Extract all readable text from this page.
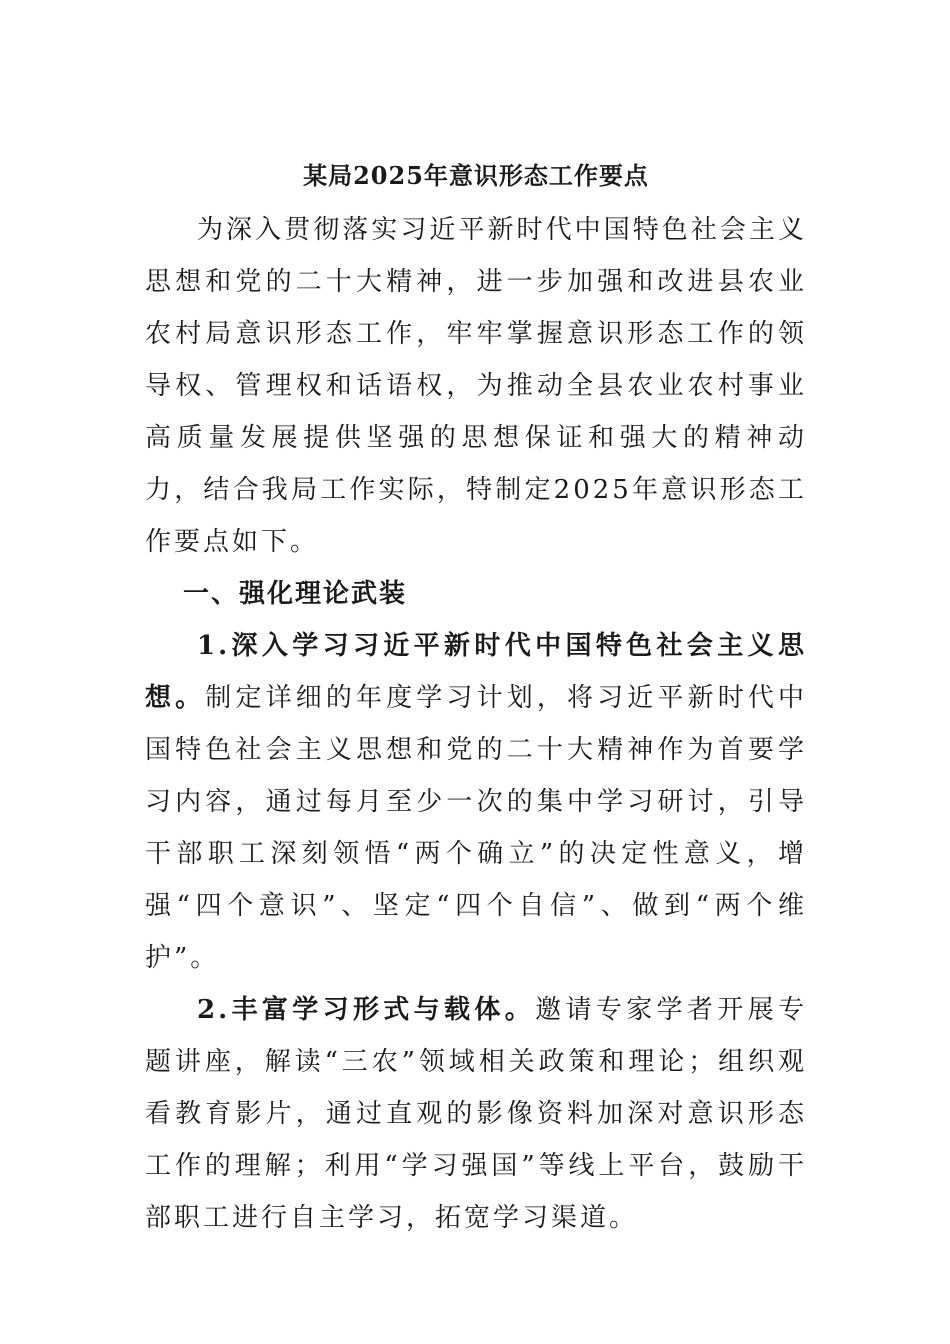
某局2025年意识形态工作要点

为深入贯彻落实习近平新时代中国特色社会主义思想和党的二十大精神，进一步加强和改进县农业农村局意识形态工作，牢牢掌握意识形态工作的领导权、管理权和话语权，为推动全县农业农村事业高质量发展提供坚强的思想保证和强大的精神动力，结合我局工作实际，特制定2025年意识形态工作要点如下。

一、强化理论武装

1.深入学习习近平新时代中国特色社会主义思想。制定详细的年度学习计划，将习近平新时代中国特色社会主义思想和党的二十大精神作为首要学习内容，通过每月至少一次的集中学习研讨，引导干部职工深刻领悟“两个确立”的决定性意义，增强“四个意识”、坚定“四个自信”、做到“两个维护”。

2.丰富学习形式与载体。邀请专家学者开展专题讲座，解读“三农”领域相关政策和理论；组织观看教育影片，通过直观的影像资料加深对意识形态工作的理解；利用“学习强国”等线上平台，鼓励干部职工进行自主学习，拓宽学习渠道。
